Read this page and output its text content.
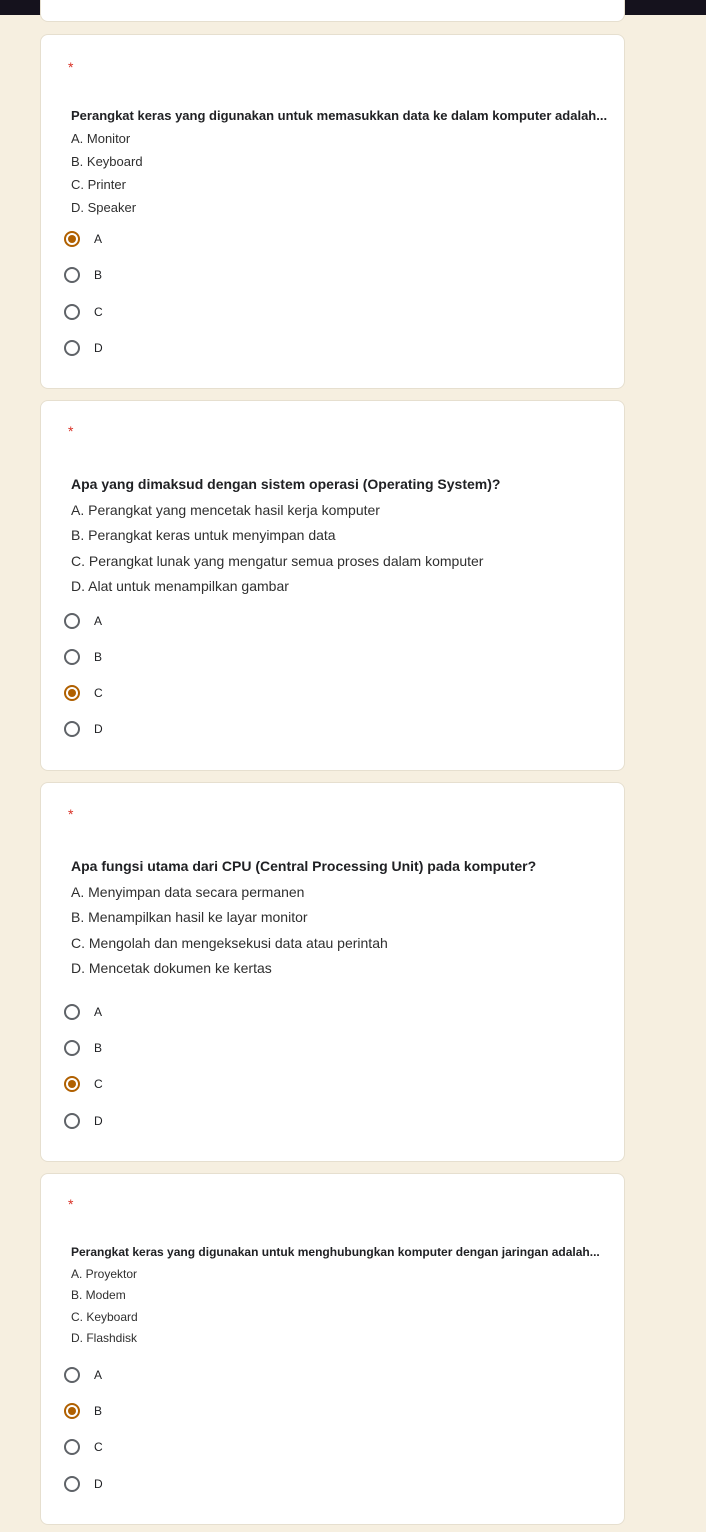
*
Perangkat keras yang digunakan untuk memasukkan data ke dalam komputer adalah...
A. Monitor
B. Keyboard
C. Printer
D. Speaker
A
B
C
D
*
Apa yang dimaksud dengan sistem operasi (Operating System)?
A. Perangkat yang mencetak hasil kerja komputer
B. Perangkat keras untuk menyimpan data
C. Perangkat lunak yang mengatur semua proses dalam komputer
D. Alat untuk menampilkan gambar
A
B
C
D
*
Apa fungsi utama dari CPU (Central Processing Unit) pada komputer?
A. Menyimpan data secara permanen
B. Menampilkan hasil ke layar monitor
C. Mengolah dan mengeksekusi data atau perintah
D. Mencetak dokumen ke kertas
A
B
C
D
*
Perangkat keras yang digunakan untuk menghubungkan komputer dengan jaringan adalah...
A. Proyektor
B. Modem
C. Keyboard
D. Flashdisk
A
B
C
D
